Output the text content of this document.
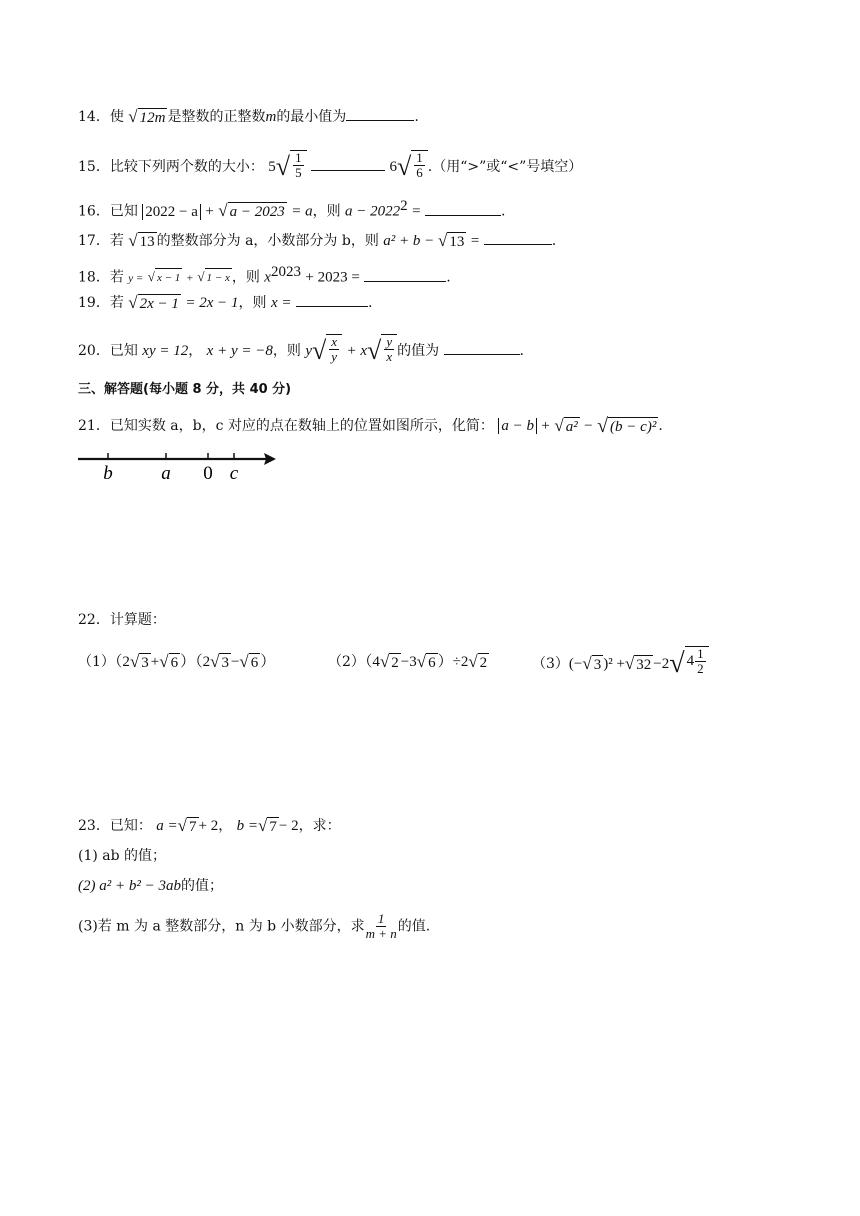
14．使 √ 12m 是整数的正整数m的最小值为	.
15．比较下列两个数的大小： 5 √ $\frac{1}{5}$	6 √ $\frac{1}{6}$ .（用“>”或“<”号填空）
16．已知 2022 − a + √ a − 2023 = a，则 $a - 2022^2$ =	.
17．若 √ 13 的整数部分为 a，小数部分为 b，则 a² + b − √ 13 =	.
18．若 y = √ x − 1 + √ 1 − x ，则 $x^{2023} + 2023$ =	.
19．若 √ 2x − 1 = 2x − 1，则 x =	.
20．已知 xy = 12， x + y = −8，则 y √ $\frac{x}{y} + x$ √ $\frac{y}{x}$ 的值为	.
三、解答题(每小题 8 分，共 40 分)
21．已知实数 a，b，c 对应的点在数轴上的位置如图所示，化简： a − b + √ a² − √ (b − c)² .
b	a 0 c
22．计算题：
（1）（2 √ 3 + √ 6 ）（2 √ 3 − √ 6 ）	（2）（4 √ 2 −3 √ 6 ）÷2 √ 2	（3）(− √ 3 )² + √ 32 −2 √ $4 \frac{1}{2}$
23．已知： a = √ 7 + 2， b = √ 7 − 2，求：
(1) ab 的值；
(2) a² + b² − 3ab的值；
(3)若 m 为 a 整数部分，n 为 b 小数部分，求 $\frac{1}{m + n}$ 的值.
